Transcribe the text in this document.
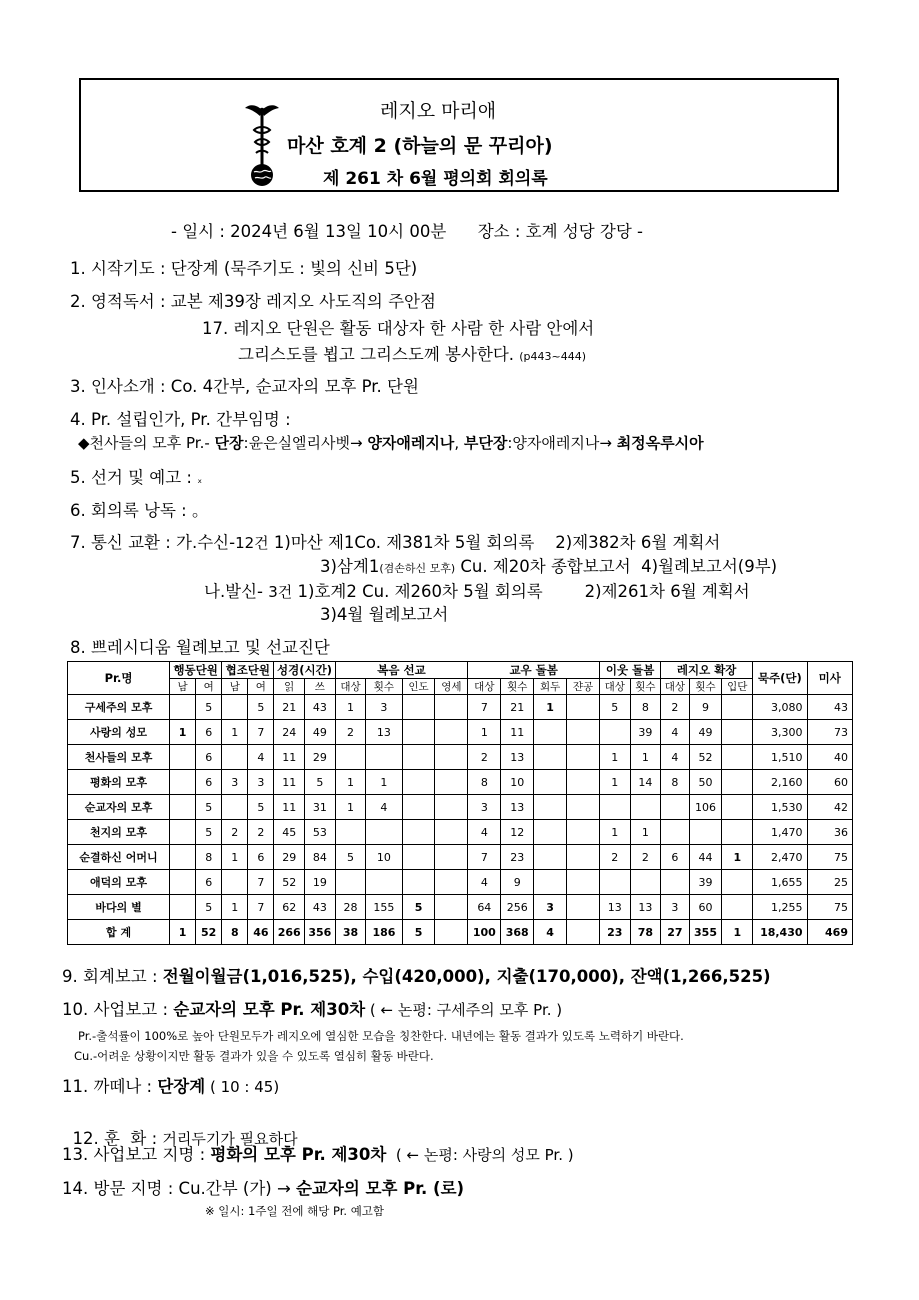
레지오 마리애
마산 호계 2 (하늘의 문 꾸리아)
제 261 차 6월 평의회 회의록
- 일시 : 2024년 6월 13일 10시 00분      장소 : 호계 성당 강당 -
1. 시작기도 : 단장계 (묵주기도 : 빛의 신비 5단)
2. 영적독서 : 교본 제39장 레지오 사도직의 주안점
17. 레지오 단원은 활동 대상자 한 사람 한 사람 안에서
그리스도를 뵙고 그리스도께 봉사한다. (p443~444)
3. 인사소개 : Co. 4간부, 순교자의 모후 Pr. 단원
4. Pr. 설립인가, Pr. 간부임명 :
◆천사들의 모후 Pr.- 단장:윤은실엘리사벳→ 양자애레지나, 부단장:양자애레지나→ 최정옥루시아
5. 선거 및 예고 : ₓ
6. 회의록 낭독 : 。
7. 통신 교환 : 가.수신-12건 1)마산 제1Co. 제381차 5월 회의록    2)제382차 6월 계획서
3)삼계1(겸손하신 모후) Cu. 제20차 종합보고서  4)월례보고서(9부)
나.발신- 3건 1)호계2 Cu. 제260차 5월 회의록        2)제261차 6월 계획서
3)4월 월례보고서
8. 쁘레시디움 월례보고 및 선교진단
Pr.명	행동단원		협조단원		성경(시간)		복음 선교				교우 돌봄				이웃 돌봄		레지오 확장			묵주(단)	미사
	남	여	남	여	읽	쓰	대상	횟수	인도	영세	대상	횟수	회두	쟌공	대상	횟수	대상	횟수	입단		
구세주의 모후		5		5	21	43	1	3			7	21	1		5	8	2	9		3,080	43
사랑의 성모	1	6	1	7	24	49	2	13			1	11				39	4	49		3,300	73
천사들의 모후		6		4	11	29					2	13			1	1	4	52		1,510	40
평화의 모후		6	3	3	11	5	1	1			8	10			1	14	8	50		2,160	60
순교자의 모후		5		5	11	31	1	4			3	13						106		1,530	42
천지의 모후		5	2	2	45	53					4	12			1	1				1,470	36
순결하신 어머니		8	1	6	29	84	5	10			7	23			2	2	6	44	1	2,470	75
애덕의 모후		6		7	52	19					4	9						39		1,655	25
바다의 별		5	1	7	62	43	28	155	5		64	256	3		13	13	3	60		1,255	75
합 계	1	52	8	46	266	356	38	186	5		100	368	4		23	78	27	355	1	18,430	469
9. 회계보고 : 전월이월금(1,016,525), 수입(420,000), 지출(170,000), 잔액(1,266,525)
10. 사업보고 : 순교자의 모후 Pr. 제30차 ( ← 논평: 구세주의 모후 Pr. )
Pr.-출석률이 100%로 높아 단원모두가 레지오에 열심한 모습을 칭찬한다. 내년에는 활동 결과가 있도록 노력하기 바란다.
Cu.-어려운 상황이지만 활동 결과가 있을 수 있도록 열심히 활동 바란다.
11. 까떼나 : 단장계 ( 10 : 45)

12. 훈  화 : 거리두기가 필요하다

13. 사업보고 지명 : 평화의 모후 Pr. 제30차  ( ← 논평: 사랑의 성모 Pr. )
14. 방문 지명 : Cu.간부 (가) → 순교자의 모후 Pr. (로)
※ 일시: 1주일 전에 해당 Pr. 예고함
